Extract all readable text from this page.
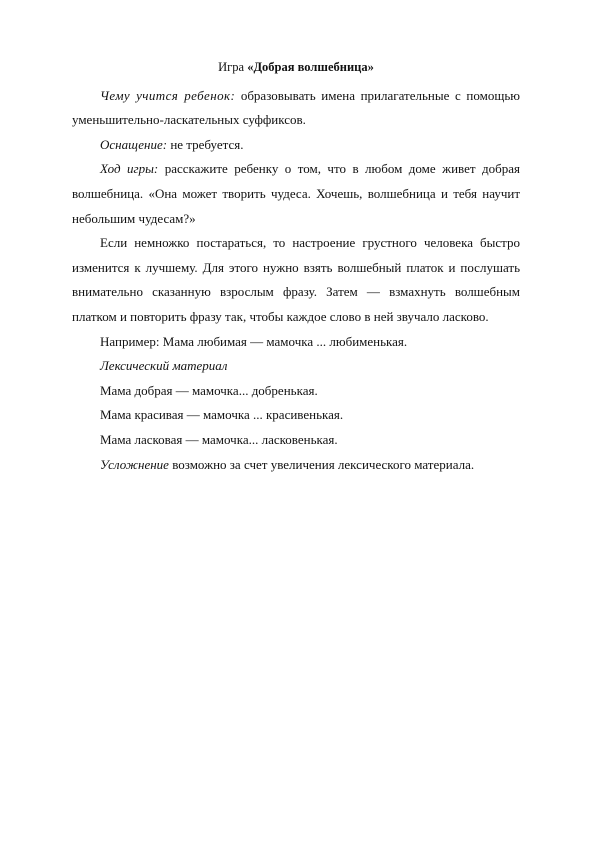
Игра «Добрая волшебница»

Чему учится ребенок: образовывать имена прилагательные с помощью уменьшительно-ласкательных суффиксов.

Оснащение: не требуется.

Ход игры: расскажите ребенку о том, что в любом доме живет добрая волшебница. «Она может творить чудеса. Хочешь, волшебница и тебя научит небольшим чудесам?»

Если немножко постараться, то настроение грустного человека быстро изменится к лучшему. Для этого нужно взять волшебный платок и послушать внимательно сказанную взрослым фразу. Затем — взмахнуть волшебным платком и повторить фразу так, чтобы каждое слово в ней звучало ласково.

Например: Мама любимая — мамочка ... любименькая.

Лексический материал

Мама добрая — мамочка... добренькая.

Мама красивая — мамочка ... красивенькая.

Мама ласковая — мамочка... ласковенькая.

Усложнение возможно за счет увеличения лексического материала.
